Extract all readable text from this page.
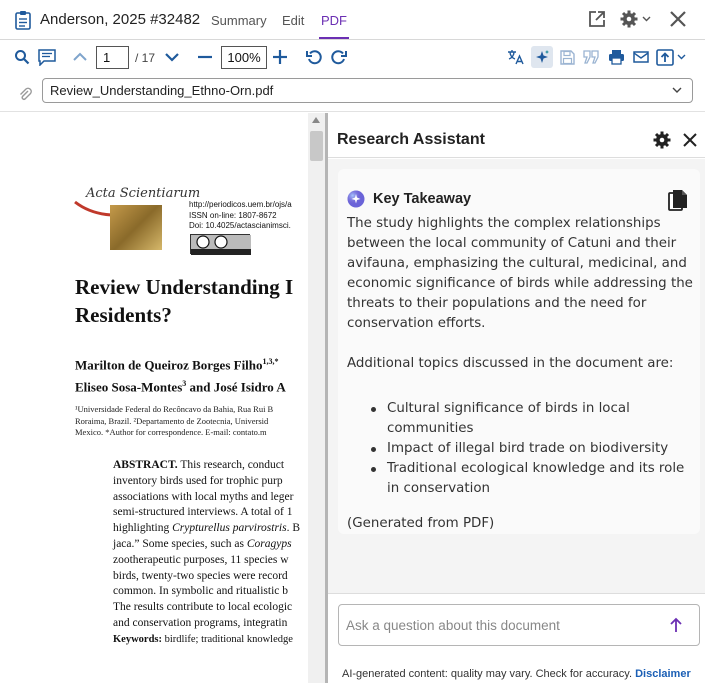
Anderson, 2025 #32482 Summary Edit PDF
1	/ 17	100%
Review_Understanding_Ethno-Orn.pdf
Acta Scientiarum
http://periodicos.uem.br/ojs/a
ISSN on-line: 1807-8672
Doi: 10.4025/actascianimsci.
Review Understanding I
Residents?
Marilton de Queiroz Borges Filho$^{1,3,*}$
Eliseo Sosa-Montes$^3$ and José Isidro A
¹Universidade Federal do Recôncavo da Bahia, Rua Rui B
Roraima, Brazil. ²Departamento de Zootecnia, Universid
Mexico. *Author for correspondence. E-mail: contato.m
ABSTRACT. This research, conduct
inventory birds used for trophic purp
associations with local myths and leger
semi-structured interviews. A total of 1
highlighting Crypturellus parvirostris. B
jaca.” Some species, such as Coragyps
zootherapeutic purposes, 11 species w
birds, twenty-two species were record
common. In symbolic and ritualistic b
The results contribute to local ecologic
and conservation programs, integratin
Keywords: birdlife; traditional knowledge
Research Assistant
Key Takeaway
The study highlights the complex relationships
between the local community of Catuni and their
avifauna, emphasizing the cultural, medicinal, and
economic significance of birds while addressing the
threats to their populations and the need for
conservation efforts.
Additional topics discussed in the document are:
Cultural significance of birds in local
communities
Impact of illegal bird trade on biodiversity
Traditional ecological knowledge and its role
in conservation
(Generated from PDF)
Ask a question about this document
AI-generated content: quality may vary. Check for accuracy. Disclaimer
